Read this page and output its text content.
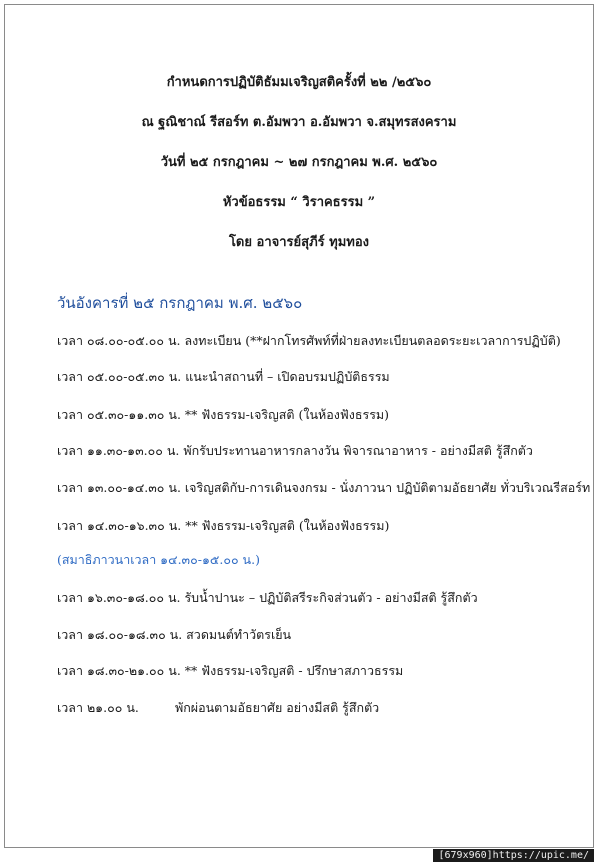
กำหนดการปฏิบัติธัมมเจริญสติครั้งที่ ๒๒ /๒๕๖๐
ณ ฐณิชาณ์ รีสอร์ท ต.อัมพวา อ.อัมพวา จ.สมุทรสงคราม
วันที่ ๒๕ กรกฎาคม ~ ๒๗ กรกฎาคม พ.ศ. ๒๕๖๐
หัวข้อธรรม “ วิราคธรรม ”
โดย อาจารย์สุภีร์ ทุมทอง
วันอังคารที่ ๒๕ กรกฎาคม พ.ศ. ๒๕๖๐
เวลา ๐๘.๐๐-๐๕.๐๐ น. ลงทะเบียน (**ฝากโทรศัพท์ที่ฝ่ายลงทะเบียนตลอดระยะเวลาการปฏิบัติ)
เวลา ๐๕.๐๐-๐๕.๓๐ น. แนะนำสถานที่ – เปิดอบรมปฏิบัติธรรม
เวลา ๐๕.๓๐-๑๑.๓๐ น. ** ฟังธรรม-เจริญสติ (ในห้องฟังธรรม)
เวลา ๑๑.๓๐-๑๓.๐๐ น. พักรับประทานอาหารกลางวัน พิจารณาอาหาร - อย่างมีสติ รู้สึกตัว
เวลา ๑๓.๐๐-๑๔.๓๐ น. เจริญสติกับ-การเดินจงกรม - นั่งภาวนา ปฏิบัติตามอัธยาศัย ทั่วบริเวณรีสอร์ท
เวลา ๑๔.๓๐-๑๖.๓๐ น. ** ฟังธรรม-เจริญสติ (ในห้องฟังธรรม)
(สมาธิภาวนาเวลา ๑๔.๓๐-๑๕.๐๐ น.)
เวลา ๑๖.๓๐-๑๘.๐๐ น. รับน้ำปานะ – ปฏิบัติสรีระกิจส่วนตัว - อย่างมีสติ รู้สึกตัว
เวลา ๑๘.๐๐-๑๘.๓๐ น. สวดมนต์ทำวัตรเย็น
เวลา ๑๘.๓๐-๒๑.๐๐ น. ** ฟังธรรม-เจริญสติ - ปรึกษาสภาวธรรม
เวลา ๒๑.๐๐ น.	พักผ่อนตามอัธยาศัย อย่างมีสติ รู้สึกตัว
[679x960]https://upic.me/
